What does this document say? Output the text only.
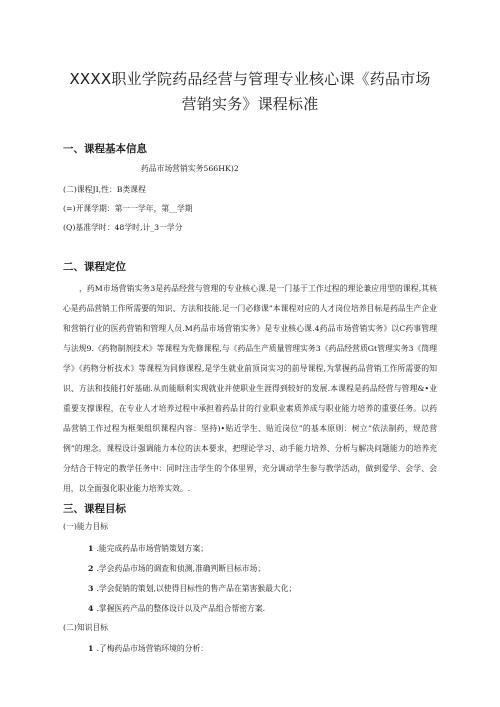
XXXX职业学院药品经营与管理专业核心课《药品市场
营销实务》课程标准
一、课程基本信息
药品市场营销实务566HK)2
(二)课程JI,性：B类课程
(=)开课学期：第一一学年，第__学期
(Q)基准学时：48学时,计_3一学分
二、课程定位
，药M市场营销实务3是药品经营与管理的专业核心课.是一门基于工作过程的理论兼应用型的课程,其核心是药品营销工作所需要的知识、方法和技能.足一门必修课”本课程对应的人才岗位培养目标是药品生产企业和营销行业的医药营销和管理人员.M药品市场营销实务》是专业核心课.4药品市场营销实务》以C药事管理与法规9.《药物制剂技术》等课程为先修课程,与《药品生产质量管理实务3《药品经营质Gt管理实务3《筒理学》《药物分析技术》等课程为同修课程,是学生就业前顶岗实习的前导课程,为掌握药品营销工作所需要的知识、方法和技能打好基础.从而能顺利实现就业并使职业生涯得到较好的发展.本课程是药品经营与管理&•业重要支撑课程，在专业人才培养过程中承担着药品甘的行业职业素质养成与职业能力培养的重要任务。以药品营销工作过程为框架组织课程内容：坚持)•贴近学生、贴近岗位”的基本原则：树立”依法制药，规范营例”的理念。课程设计强调能力本位的法本要求，把理论学习、动手能力培养、分析与解决问题能力的培养充分结合于特定的教学任务中：同时注击学生的个体里界，充分调动学生参与教学活动，做到爱学、会学、会用，以全面强化职业能力培养实效。.
三、课程目标
(一)能力目标
1 .能完成药品市场营销策划方案；
2 .学会药品市场的调查和侦测,准确判断目标市场；
3 .学会促销的策划,以使得目标性的售产品在第害猴最大化；
4 .掌握医药产品的整体设计以及产品组合帮密方案.
(二)知识目标
1 .了梅药品市场营销环境的分析：
